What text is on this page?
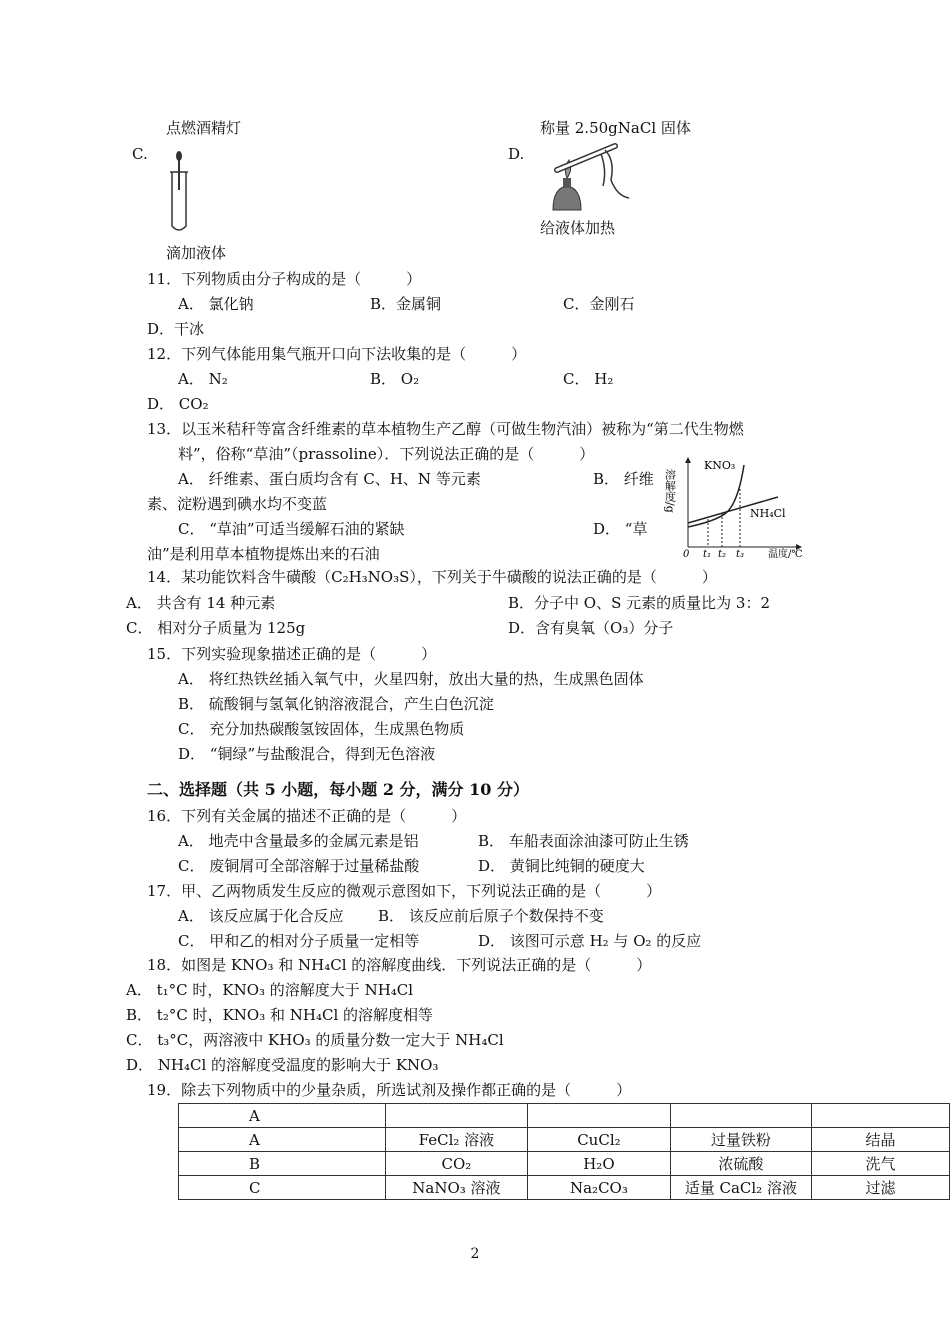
点燃酒精灯
C.
滴加液体
称量 2.50gNaCl 固体
D.
给液体加热
11．下列物质由分子构成的是（　　　）
A． 氯化钠	B．金属铜	C．金刚石
D．干冰
12．下列气体能用集气瓶开口向下法收集的是（　　　）
A． N₂	B． O₂	C． H₂
D． CO₂
13．以玉米秸秆等富含纤维素的草本植物生产乙醇（可做生物汽油）被称为“第二代生物燃
料”，俗称“草油”（prassoline）．下列说法正确的是（　　　）
A． 纤维素、蛋白质均含有 C、H、N 等元素	B． 纤维
素、淀粉遇到碘水均不变蓝
C． “草油”可适当缓解石油的紧缺	D． “草
油”是利用草本植物提炼出来的石油
溶解度/g
KNO₃
NH₄Cl
0 t₁ t₂ t₃ 温度/℃
14．某功能饮料含牛磺酸（C₂H₃NO₃S），下列关于牛磺酸的说法正确的是（　　　）
A． 共含有 14 种元素	B．分子中 O、S 元素的质量比为 3：2
C． 相对分子质量为 125g	D．含有臭氧（O₃）分子
15．下列实验现象描述正确的是（　　　）
A． 将红热铁丝插入氧气中，火星四射，放出大量的热，生成黑色固体
B． 硫酸铜与氢氧化钠溶液混合，产生白色沉淀
C． 充分加热碳酸氢铵固体，生成黑色物质
D． “铜绿”与盐酸混合，得到无色溶液
二、选择题（共 5 小题，每小题 2 分，满分 10 分）
16．下列有关金属的描述不正确的是（　　　）
A． 地壳中含量最多的金属元素是铝	B． 车船表面涂油漆可防止生锈
C． 废铜屑可全部溶解于过量稀盐酸	D． 黄铜比纯铜的硬度大
17．甲、乙两物质发生反应的微观示意图如下，下列说法正确的是（　　　）
A． 该反应属于化合反应 B． 该反应前后原子个数保持不变
C． 甲和乙的相对分子质量一定相等	D． 该图可示意 H₂ 与 O₂ 的反应
18．如图是 KNO₃ 和 NH₄Cl 的溶解度曲线．下列说法正确的是（　　　）
A． t₁°C 时，KNO₃ 的溶解度大于 NH₄Cl
B． t₂°C 时，KNO₃ 和 NH₄Cl 的溶解度相等
C． t₃°C，两溶液中 KHO₃ 的质量分数一定大于 NH₄Cl
D． NH₄Cl 的溶解度受温度的影响大于 KNO₃
19．除去下列物质中的少量杂质，所选试剂及操作都正确的是（　　　）
A				
A	FeCl₂ 溶液	CuCl₂	过量铁粉	结晶
B	CO₂	H₂O	浓硫酸	洗气
C	NaNO₃ 溶液	Na₂CO₃	适量 CaCl₂ 溶液	过滤
2
